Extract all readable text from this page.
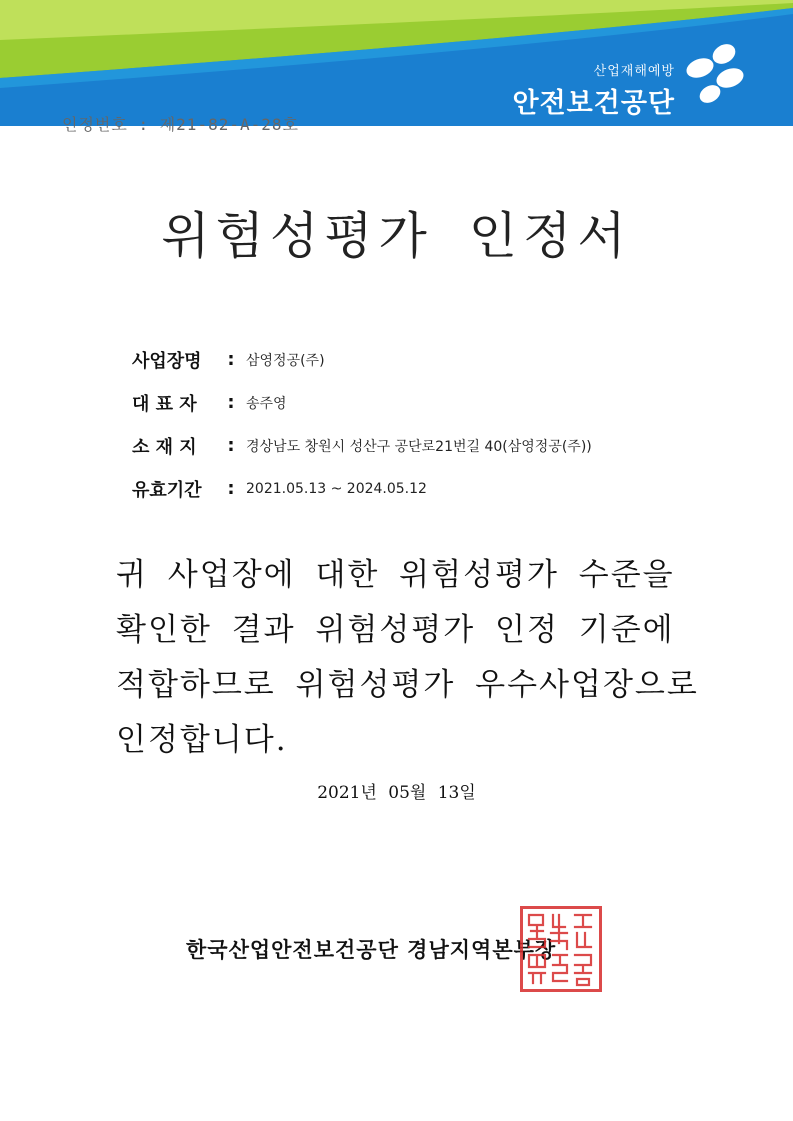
산업재해예방
안전보건공단
인정번호 : 제21-82-A-28호
위험성평가 인정서
사업장명	: 삼영정공(주)
대 표 자	: 송주영
소 재 지	: 경상남도 창원시 성산구 공단로21번길 40(삼영정공(주))
유효기간	: 2021.05.13 ~ 2024.05.12
귀 사업장에 대한 위험성평가 수준을
확인한 결과 위험성평가 인정 기준에
적합하므로 위험성평가 우수사업장으로
인정합니다.
2021년 05월 13일
한국산업안전보건공단 경남지역본부장
